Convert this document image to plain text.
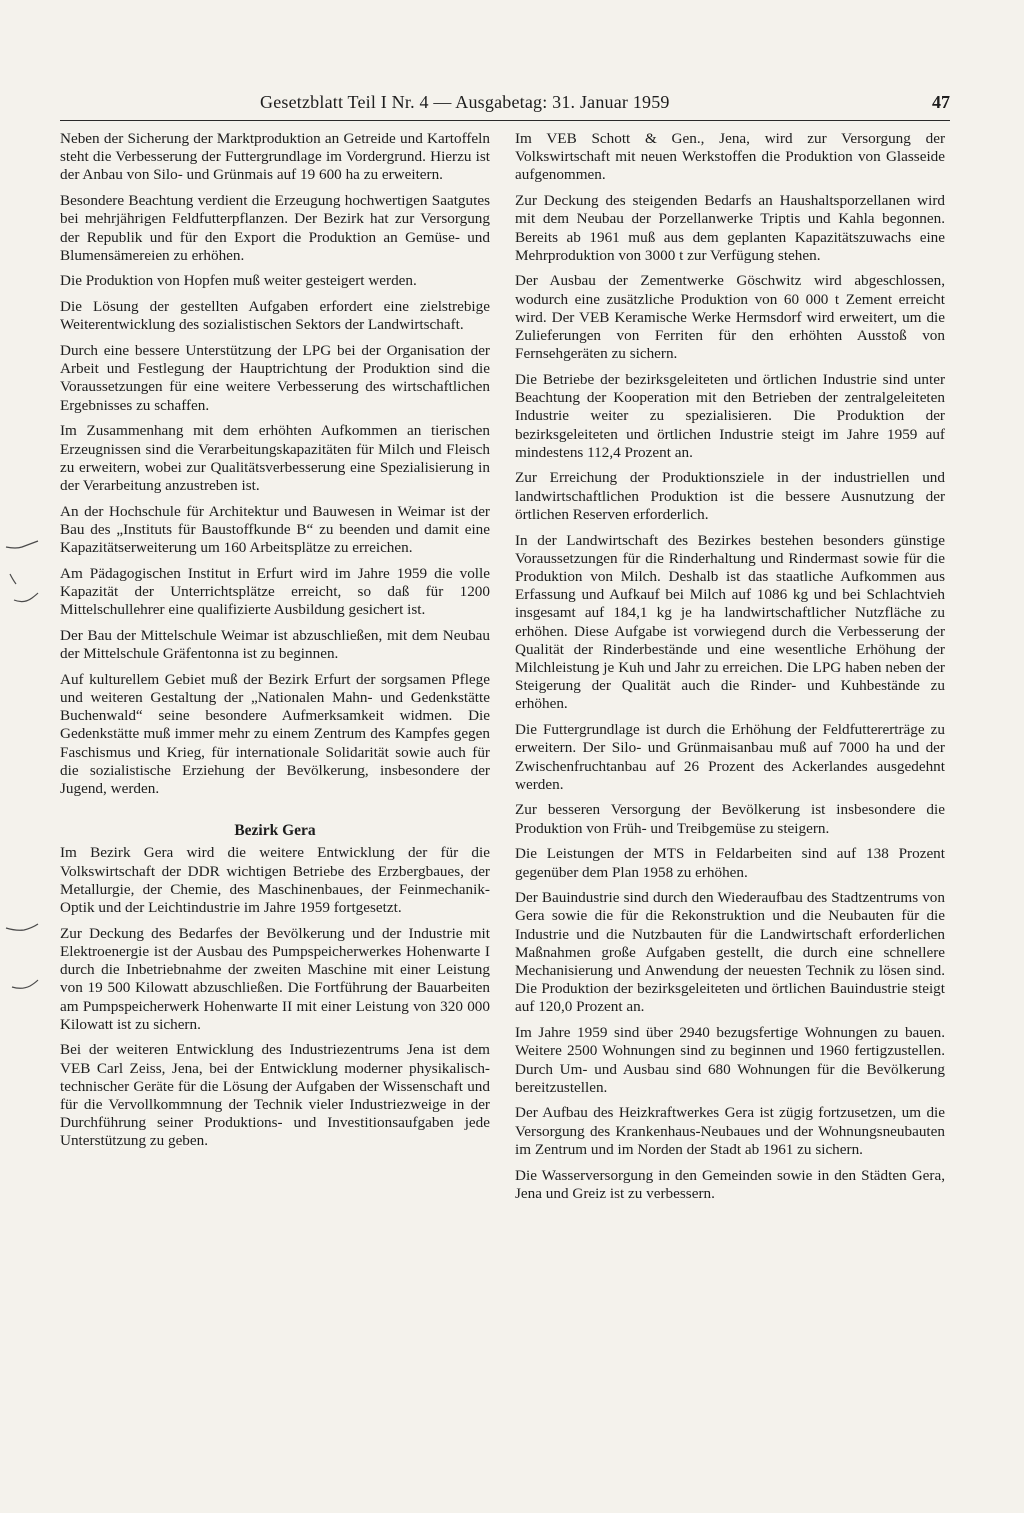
Gesetzblatt Teil I Nr. 4 — Ausgabetag: 31. Januar 1959	47

Neben der Sicherung der Marktproduktion an Getreide und Kartoffeln steht die Verbesserung der Futtergrundlage im Vordergrund. Hierzu ist der Anbau von Silo- und Grünmais auf 19 600 ha zu erweitern.

Besondere Beachtung verdient die Erzeugung hochwertigen Saatgutes bei mehrjährigen Feldfutterpflanzen. Der Bezirk hat zur Versorgung der Republik und für den Export die Produktion an Gemüse- und Blumensämereien zu erhöhen.

Die Produktion von Hopfen muß weiter gesteigert werden.

Die Lösung der gestellten Aufgaben erfordert eine zielstrebige Weiterentwicklung des sozialistischen Sektors der Landwirtschaft.

Durch eine bessere Unterstützung der LPG bei der Organisation der Arbeit und Festlegung der Hauptrichtung der Produktion sind die Voraussetzungen für eine weitere Verbesserung des wirtschaftlichen Ergebnisses zu schaffen.

Im Zusammenhang mit dem erhöhten Aufkommen an tierischen Erzeugnissen sind die Verarbeitungskapazitäten für Milch und Fleisch zu erweitern, wobei zur Qualitätsverbesserung eine Spezialisierung in der Verarbeitung anzustreben ist.

An der Hochschule für Architektur und Bauwesen in Weimar ist der Bau des „Instituts für Baustoffkunde B“ zu beenden und damit eine Kapazitätserweiterung um 160 Arbeitsplätze zu erreichen.

Am Pädagogischen Institut in Erfurt wird im Jahre 1959 die volle Kapazität der Unterrichtsplätze erreicht, so daß für 1200 Mittelschullehrer eine qualifizierte Ausbildung gesichert ist.

Der Bau der Mittelschule Weimar ist abzuschließen, mit dem Neubau der Mittelschule Gräfentonna ist zu beginnen.

Auf kulturellem Gebiet muß der Bezirk Erfurt der sorgsamen Pflege und weiteren Gestaltung der „Nationalen Mahn- und Gedenkstätte Buchenwald“ seine besondere Aufmerksamkeit widmen. Die Gedenkstätte muß immer mehr zu einem Zentrum des Kampfes gegen Faschismus und Krieg, für internationale Solidarität sowie auch für die sozialistische Erziehung der Bevölkerung, insbesondere der Jugend, werden.

Bezirk Gera

Im Bezirk Gera wird die weitere Entwicklung der für die Volkswirtschaft der DDR wichtigen Betriebe des Erzbergbaues, der Metallurgie, der Chemie, des Maschinenbaues, der Feinmechanik-Optik und der Leichtindustrie im Jahre 1959 fortgesetzt.

Zur Deckung des Bedarfes der Bevölkerung und der Industrie mit Elektroenergie ist der Ausbau des Pumpspeicherwerkes Hohenwarte I durch die Inbetriebnahme der zweiten Maschine mit einer Leistung von 19 500 Kilowatt abzuschließen. Die Fortführung der Bauarbeiten am Pumpspeicherwerk Hohenwarte II mit einer Leistung von 320 000 Kilowatt ist zu sichern.

Bei der weiteren Entwicklung des Industriezentrums Jena ist dem VEB Carl Zeiss, Jena, bei der Entwicklung moderner physikalisch-technischer Geräte für die Lösung der Aufgaben der Wissenschaft und für die Vervollkommnung der Technik vieler Industriezweige in der Durchführung seiner Produktions- und Investitionsaufgaben jede Unterstützung zu geben.

Im VEB Schott & Gen., Jena, wird zur Versorgung der Volkswirtschaft mit neuen Werkstoffen die Produktion von Glasseide aufgenommen.

Zur Deckung des steigenden Bedarfs an Haushaltsporzellanen wird mit dem Neubau der Porzellanwerke Triptis und Kahla begonnen. Bereits ab 1961 muß aus dem geplanten Kapazitätszuwachs eine Mehrproduktion von 3000 t zur Verfügung stehen.

Der Ausbau der Zementwerke Göschwitz wird abgeschlossen, wodurch eine zusätzliche Produktion von 60 000 t Zement erreicht wird. Der VEB Keramische Werke Hermsdorf wird erweitert, um die Zulieferungen von Ferriten für den erhöhten Ausstoß von Fernsehgeräten zu sichern.

Die Betriebe der bezirksgeleiteten und örtlichen Industrie sind unter Beachtung der Kooperation mit den Betrieben der zentralgeleiteten Industrie weiter zu spezialisieren. Die Produktion der bezirksgeleiteten und örtlichen Industrie steigt im Jahre 1959 auf mindestens 112,4 Prozent an.

Zur Erreichung der Produktionsziele in der industriellen und landwirtschaftlichen Produktion ist die bessere Ausnutzung der örtlichen Reserven erforderlich.

In der Landwirtschaft des Bezirkes bestehen besonders günstige Voraussetzungen für die Rinderhaltung und Rindermast sowie für die Produktion von Milch. Deshalb ist das staatliche Aufkommen aus Erfassung und Aufkauf bei Milch auf 1086 kg und bei Schlachtvieh insgesamt auf 184,1 kg je ha landwirtschaftlicher Nutzfläche zu erhöhen. Diese Aufgabe ist vorwiegend durch die Verbesserung der Qualität der Rinderbestände und eine wesentliche Erhöhung der Milchleistung je Kuh und Jahr zu erreichen. Die LPG haben neben der Steigerung der Qualität auch die Rinder- und Kuhbestände zu erhöhen.

Die Futtergrundlage ist durch die Erhöhung der Feldfuttererträge zu erweitern. Der Silo- und Grünmaisanbau muß auf 7000 ha und der Zwischenfruchtanbau auf 26 Prozent des Ackerlandes ausgedehnt werden.

Zur besseren Versorgung der Bevölkerung ist insbesondere die Produktion von Früh- und Treibgemüse zu steigern.

Die Leistungen der MTS in Feldarbeiten sind auf 138 Prozent gegenüber dem Plan 1958 zu erhöhen.

Der Bauindustrie sind durch den Wiederaufbau des Stadtzentrums von Gera sowie die für die Rekonstruktion und die Neubauten für die Industrie und die Nutzbauten für die Landwirtschaft erforderlichen Maßnahmen große Aufgaben gestellt, die durch eine schnellere Mechanisierung und Anwendung der neuesten Technik zu lösen sind. Die Produktion der bezirksgeleiteten und örtlichen Bauindustrie steigt auf 120,0 Prozent an.

Im Jahre 1959 sind über 2940 bezugsfertige Wohnungen zu bauen. Weitere 2500 Wohnungen sind zu beginnen und 1960 fertigzustellen. Durch Um- und Ausbau sind 680 Wohnungen für die Bevölkerung bereitzustellen.

Der Aufbau des Heizkraftwerkes Gera ist zügig fortzusetzen, um die Versorgung des Krankenhaus-Neubaues und der Wohnungsneubauten im Zentrum und im Norden der Stadt ab 1961 zu sichern.

Die Wasserversorgung in den Gemeinden sowie in den Städten Gera, Jena und Greiz ist zu verbessern.
